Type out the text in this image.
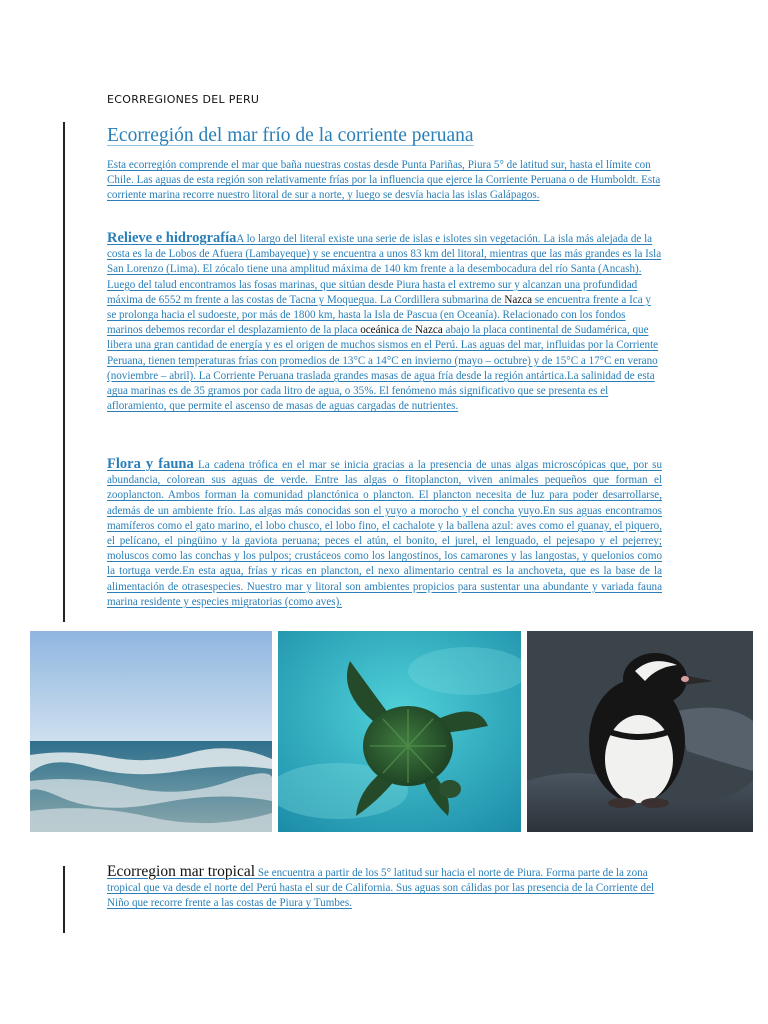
ECORREGIONES DEL PERU
Ecorregión del mar frío de la corriente peruana

Esta ecorregión comprende el mar que baña nuestras costas desde Punta Pariñas, Piura 5° de latitud sur, hasta el límite con Chile. Las aguas de esta región son relativamente frías por la influencia que ejerce la Corriente Peruana o de Humboldt. Esta corriente marina recorre nuestro litoral de sur a norte, y luego se desvía hacia las islas Galápagos.

Relieve e hidrografíaA lo largo del literal existe una serie de islas e islotes sin vegetación. La isla más alejada de la costa es la de Lobos de Afuera (Lambayeque) y se encuentra a unos 83 km del litoral, mientras que las más grandes es la Isla San Lorenzo (Lima). El zócalo tiene una amplitud máxima de 140 km frente a la desembocadura del río Santa (Ancash). Luego del talud encontramos las fosas marinas, que sitúan desde Piura hasta el extremo sur y alcanzan una profundidad máxima de 6552 m frente a las costas de Tacna y Moquegua. La Cordillera submarina de Nazca se encuentra frente a Ica y se prolonga hacia el sudoeste, por más de 1800 km, hasta la Isla de Pascua (en Oceanía). Relacionado con los fondos marinos debemos recordar el desplazamiento de la placa oceánica de Nazca abajo la placa continental de Sudamérica, que libera una gran cantidad de energía y es el origen de muchos sismos en el Perú. Las aguas del mar, influidas por la Corriente Peruana, tienen temperaturas frías con promedios de 13°C a 14°C en invierno (mayo – octubre) y de 15°C a 17°C en verano (noviembre – abril). La Corriente Peruana traslada grandes masas de agua fría desde la región antártica.La salinidad de esta agua marinas es de 35 gramos por cada litro de agua, o 35%. El fenómeno más significativo que se presenta es el afloramiento, que permite el ascenso de masas de aguas cargadas de nutrientes.

Flora y fauna La cadena trófica en el mar se inicia gracias a la presencia de unas algas microscópicas que, por su abundancia, colorean sus aguas de verde. Entre las algas o fitoplancton, viven animales pequeños que forman el zooplancton. Ambos forman la comunidad planctónica o plancton. El plancton necesita de luz para poder desarrollarse, además de un ambiente frío. Las algas más conocidas son el yuyo a morocho y el concha yuyo.En sus aguas encontramos mamíferos como el gato marino, el lobo chusco, el lobo fino, el cachalote y la ballena azul: aves como el guanay, el piquero, el pelícano, el pingüino y la gaviota peruana; peces el atún, el bonito, el jurel, el lenguado, el pejesapo y el pejerrey; moluscos como las conchas y los pulpos; crustáceos como los langostinos, los camarones y las langostas, y quelonios como la tortuga verde.En esta agua, frías y ricas en plancton, el nexo alimentario central es la anchoveta, que es la base de la alimentación de otrasespecies. Nuestro mar y litoral son ambientes propicios para sustentar una abundante y variada fauna marina residente y especies migratorias (como aves).

Ecorregion mar tropical Se encuentra a partir de los 5° latitud sur hacia el norte de Piura. Forma parte de la zona tropical que va desde el norte del Perú hasta el sur de California. Sus aguas son cálidas por las presencia de la Corriente del Niño que recorre frente a las costas de Piura y Tumbes.
